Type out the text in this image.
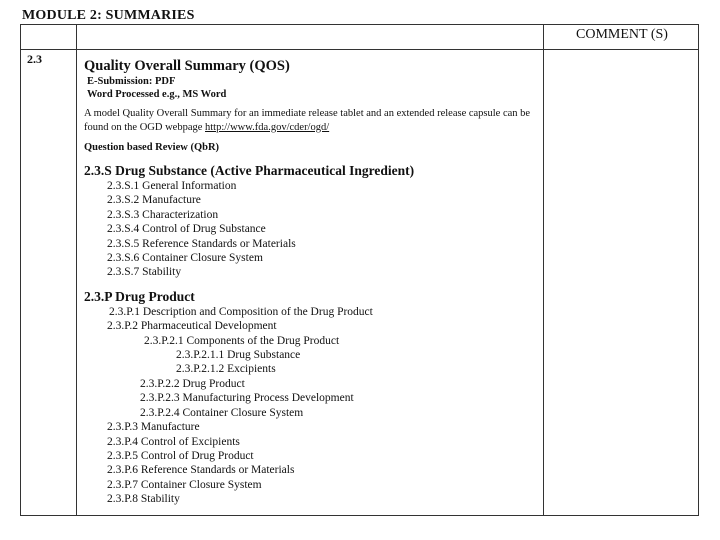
MODULE 2: SUMMARIES
COMMENT (S)
2.3	Quality Overall Summary (QOS)
E-Submission: PDF
Word Processed e.g., MS Word
A model Quality Overall Summary for an immediate release tablet and an extended release capsule can be found on the OGD webpage http://www.fda.gov/cder/ogd/
Question based Review (QbR)
2.3.S Drug Substance (Active Pharmaceutical Ingredient)
2.3.S.1 General Information
2.3.S.2 Manufacture
2.3.S.3 Characterization
2.3.S.4 Control of Drug Substance
2.3.S.5 Reference Standards or Materials
2.3.S.6 Container Closure System
2.3.S.7 Stability
2.3.P Drug Product
2.3.P.1 Description and Composition of the Drug Product
2.3.P.2 Pharmaceutical Development
2.3.P.2.1 Components of the Drug Product
2.3.P.2.1.1 Drug Substance
2.3.P.2.1.2 Excipients
2.3.P.2.2 Drug Product
2.3.P.2.3 Manufacturing Process Development
2.3.P.2.4 Container Closure System
2.3.P.3 Manufacture
2.3.P.4 Control of Excipients
2.3.P.5 Control of Drug Product
2.3.P.6 Reference Standards or Materials
2.3.P.7 Container Closure System
2.3.P.8 Stability
